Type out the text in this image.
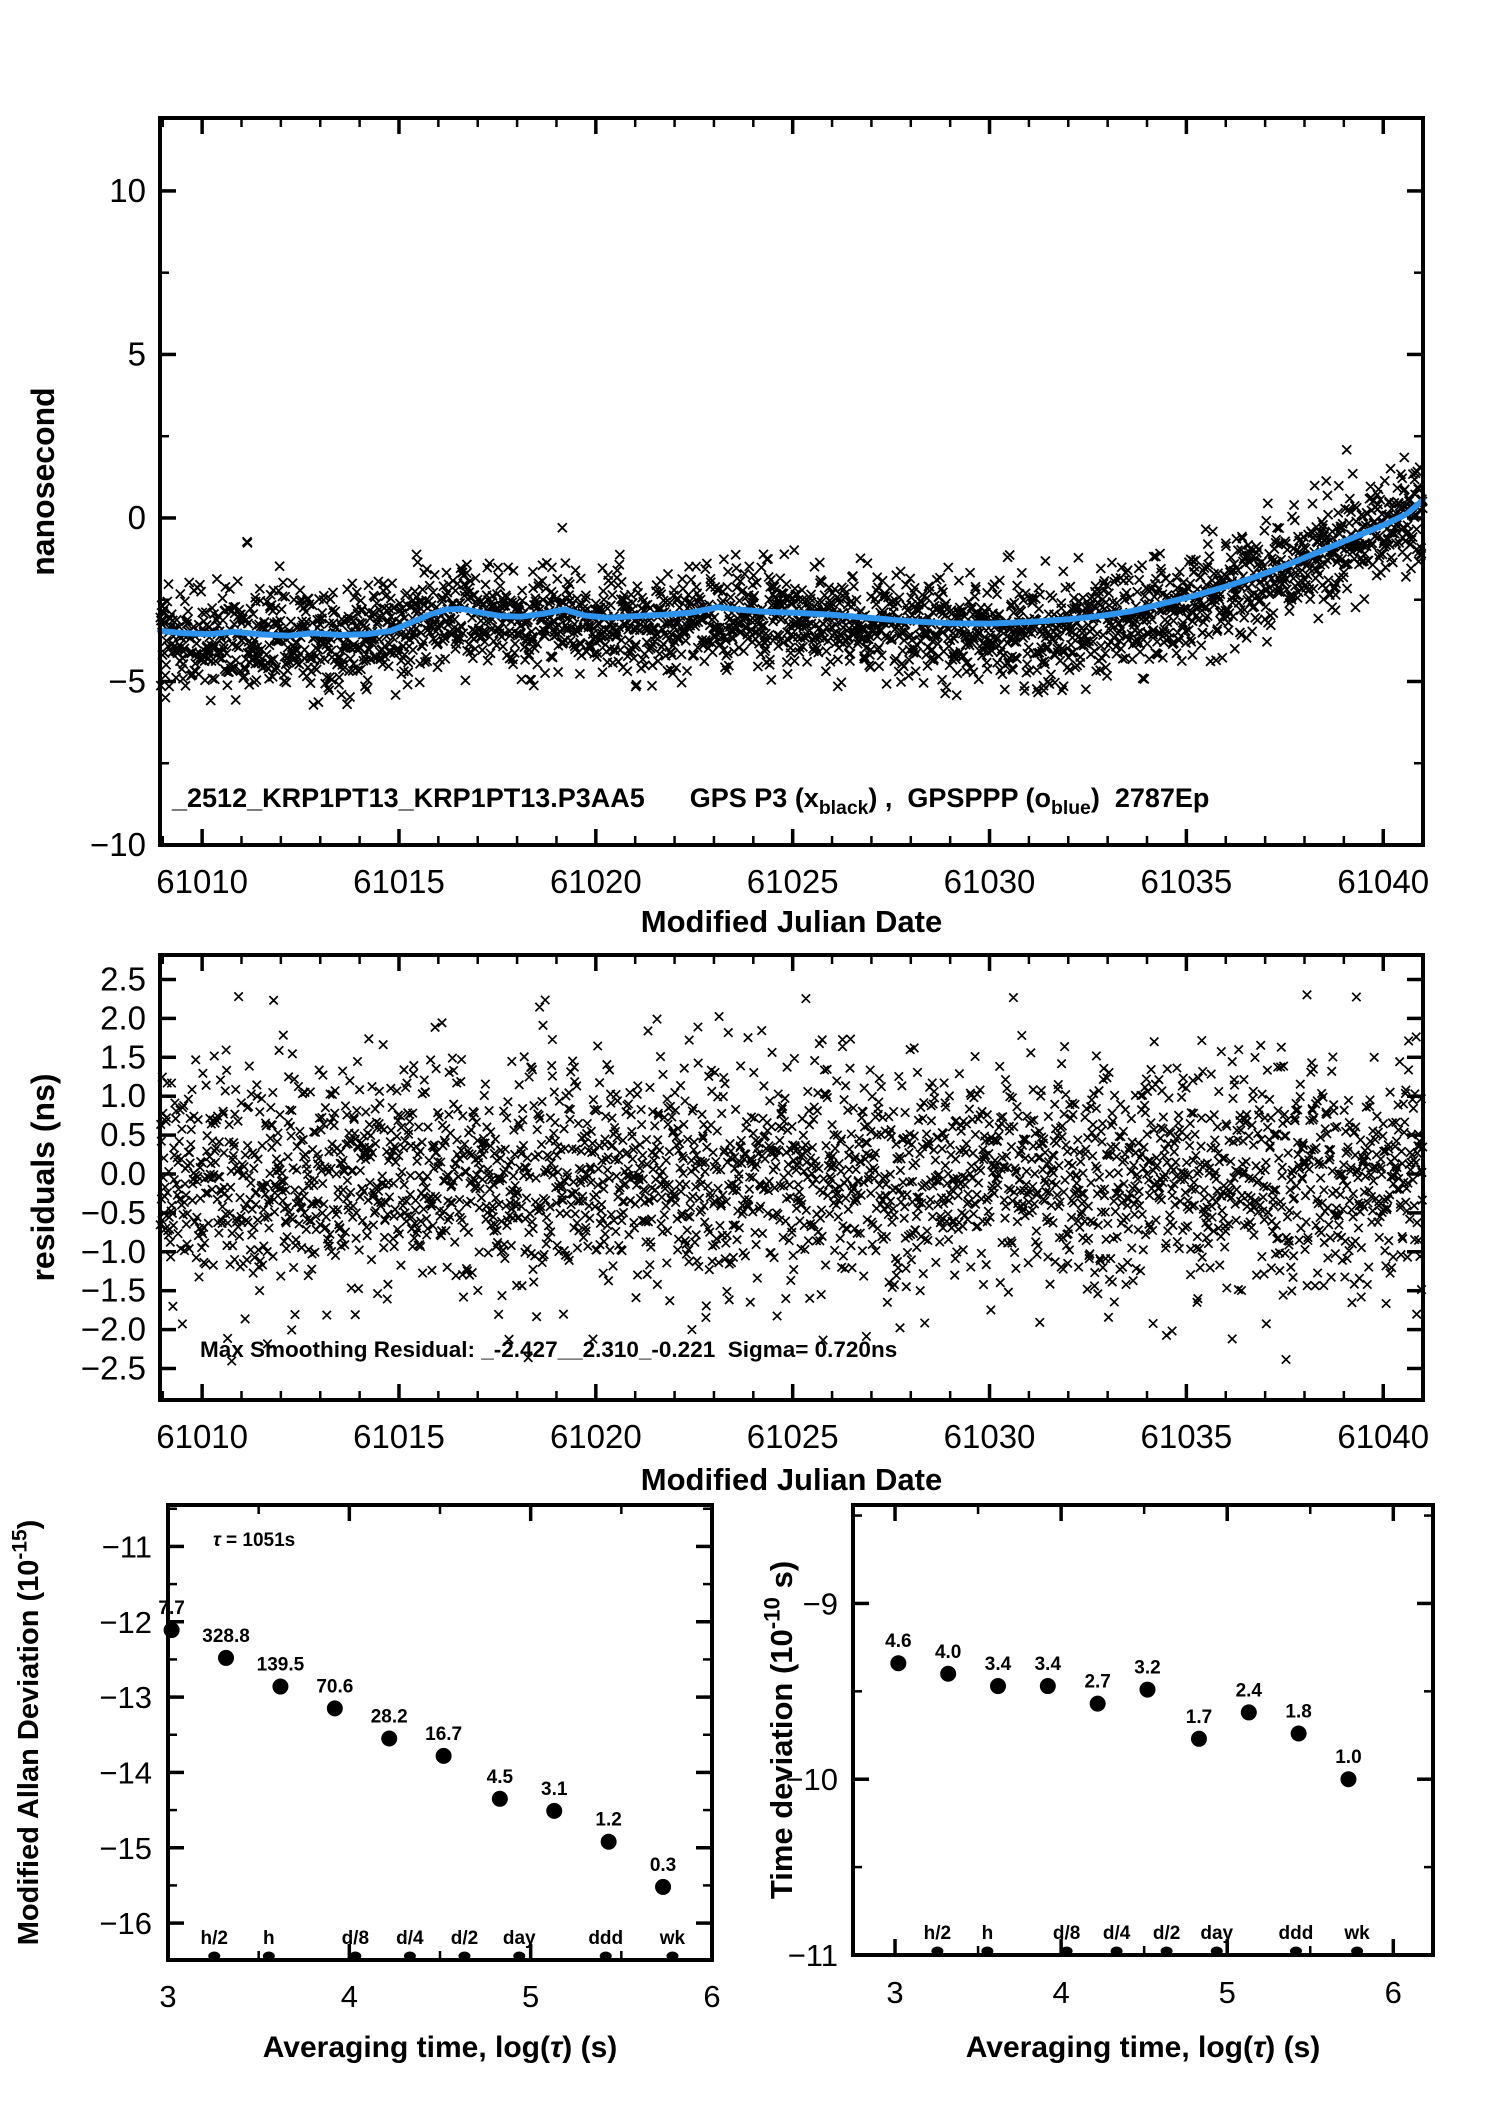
61010	61015	61020	61025	61030	61035	61040
−10
−5
0
5
10
nanosecond
Modified Julian Date
_2512_KRP1PT13_KRP1PT13.P3AA5      GPS P3 $(x_{black})$ ,  GPSPPP $(o_{blue})$  2787Ep
61010	61015	61020	61025	61030	61035	61040
2.5
2.0
1.5
1.0
0.5
0.0
−0.5
−1.0
−1.5
−2.0
−2.5
residuals (ns)
Modified Julian Date
Max Smoothing Residual: _-2.427__2.310_-0.221  Sigma= 0.720ns
7.7
328.8
139.5
70.6
28.2
16.7
4.5
3.1
1.2
0.3
h/2 h	d/8 d/4 d/2 day	ddd wk
3	4	5	6
−11
−12
−13
−14
−15
−16
Modified Allan Deviation $(10^{-15})$
Averaging time, log(τ) (s)
τ = 1051s
4.6
4.0
3.4 3.4
2.7
3.2
1.7
2.4
1.8
1.0
h/2 h	d/8 d/4 d/2 day ddd wk
3	4	5	6
−9
−10
−11
Time deviation ($10^{-10}$ s)
Averaging time, log(τ) (s)
